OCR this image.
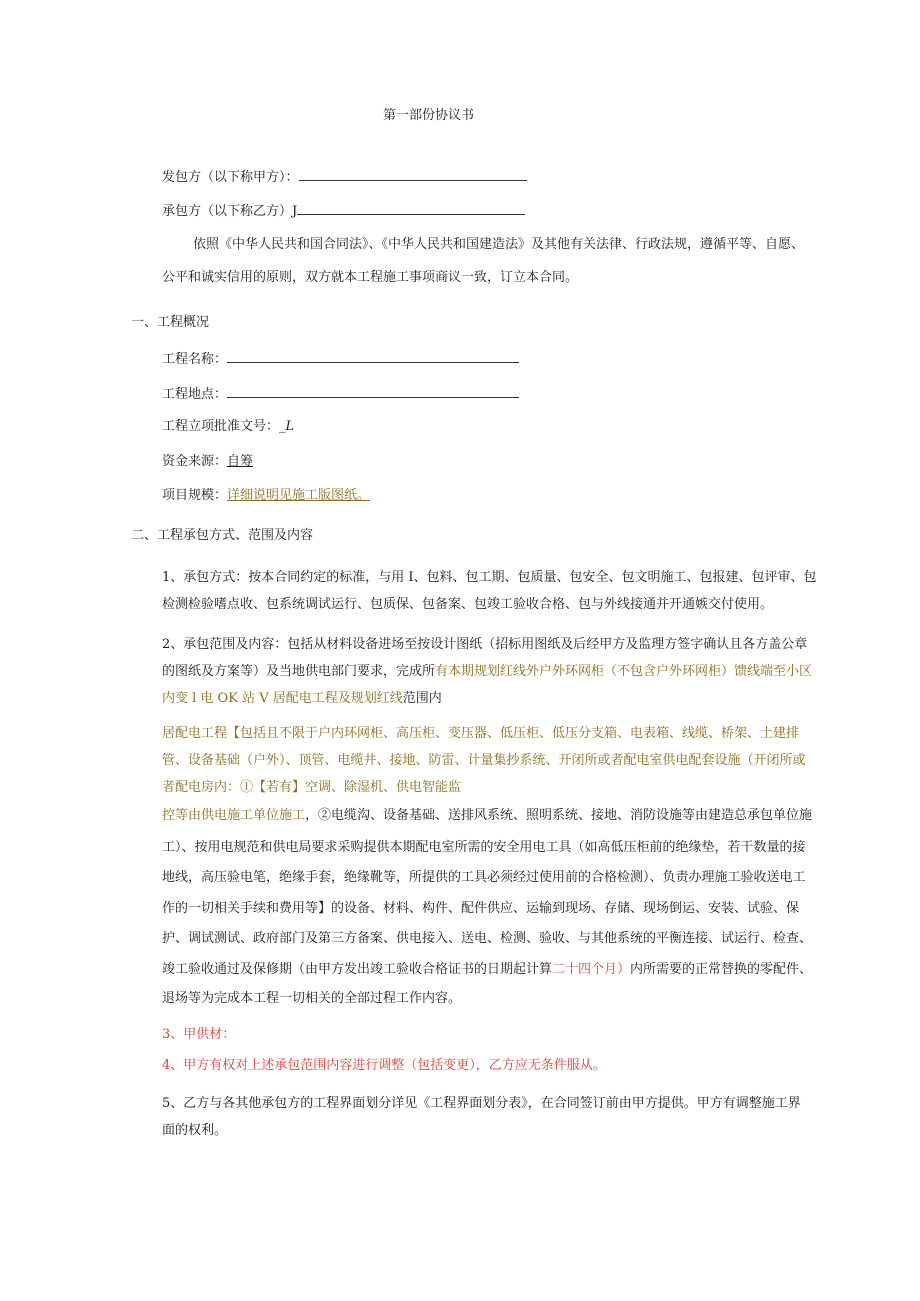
第一部份协议书
发包方（以下称甲方）：
承包方（以下称乙方）J
依照《中华人民共和国合同法》、《中华人民共和国建造法》及其他有关法律、行政法规，遵循平等、自愿、
公平和诚实信用的原则，双方就本工程施工事项商议一致，订立本合同。
一、工程概况
工程名称：
工程地点：
工程立项批准文号：_L
资金来源：自筹
项目规模：详细说明见施工版图纸。
二、工程承包方式、范围及内容
1、承包方式：按本合同约定的标准，与用 I、包料、包工期、包质量、包安全、包文明施工、包报建、包评审、包
检测检验嗜点收、包系统调试运行、包质保、包备案、包竣工验收合格、包与外线接通并开通嫉交付使用。
2、承包范围及内容：包括从材料设备进场至按设计图纸（招标用图纸及后经甲方及监理方签字确认且各方盖公章
的图纸及方案等）及当地供电部门要求，完成所有本期规划红线外户外环网柜（不包含户外环网柜）馈线端至小区
内变 l 电 OK 站 V 居配电工程及规划红线范围内
居配电工程【包括且不限于户内环网柜、高压柜、变压器、低压柜、低压分支箱、电表箱、线缆、桥架、土建排
管、设备基础（户外）、顶管、电缆井、接地、防雷、计量集抄系统、开闭所或者配电室供电配套设施（开闭所或
者配电房内：①【若有】空调、除湿机、供电智能监
控等由供电施工单位施工，②电缆沟、设备基础、送排风系统、照明系统、接地、消防设施等由建造总承包单位施
工）、按用电规范和供电局要求采购提供本期配电室所需的安全用电工具（如高低压柜前的绝缘垫，若干数量的接
地线，高压验电笔，绝缘手套，绝缘靴等，所提供的工具必须经过使用前的合格检测）、负责办理施工验收送电工
作的一切相关手续和费用等】的设备、材料、构件、配件供应、运输到现场、存储、现场倒运、安装、试验、保
护、调试测试、政府部门及第三方备案、供电接入、送电、检测、验收、与其他系统的平衡连接、试运行、检查、
竣工验收通过及保修期（由甲方发出竣工验收合格证书的日期起计算二十四个月）内所需要的正常替换的零配件、
退场等为完成本工程一切相关的全部过程工作内容。
3、甲供材：
4、甲方有权对上述承包范围内容进行调整（包括变更），乙方应无条件服从。
5、乙方与各其他承包方的工程界面划分详见《工程界面划分表》，在合同签订前由甲方提供。甲方有调整施工界
面的权利。
